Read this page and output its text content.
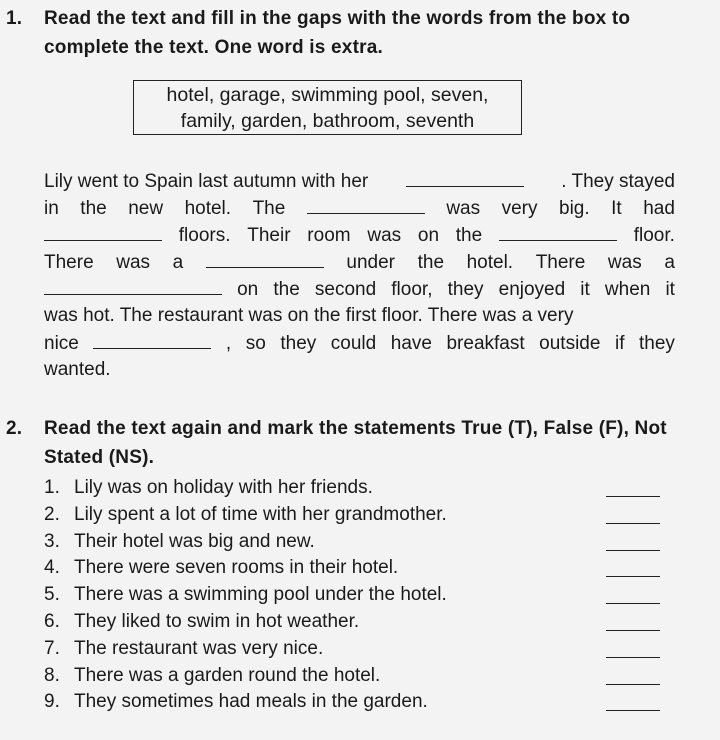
1.	Read the text and fill in the gaps with the words from the box to complete the text. One word is extra.
hotel, garage, swimming pool, seven,
family, garden, bathroom, seventh
Lily went to Spain last autumn with her	. They stayed
in the new hotel. The	was very big. It had
floors. Their room was on the	floor.
There was a	under the hotel. There was a
on the second floor, they enjoyed it when it
was hot. The restaurant was on the first floor. There was a very
nice	, so they could have breakfast outside if they
wanted.
2.	Read the text again and mark the statements True (T), False (F), Not Stated (NS).
1. Lily was on holiday with her friends.
2. Lily spent a lot of time with her grandmother.
3. Their hotel was big and new.
4. There were seven rooms in their hotel.
5. There was a swimming pool under the hotel.
6. They liked to swim in hot weather.
7. The restaurant was very nice.
8. There was a garden round the hotel.
9. They sometimes had meals in the garden.
